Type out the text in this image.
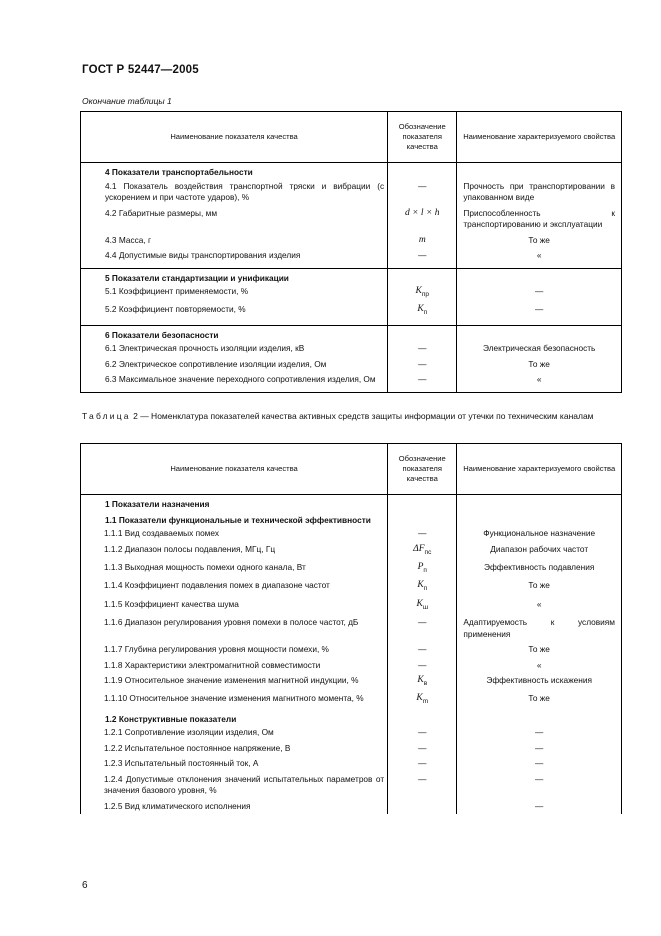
ГОСТ Р 52447—2005
Окончание таблицы 1
Наименование показателя качества	Обозначение показателя качества	Наименование характеризуемого свойства
4 Показатели транспортабельности		
4.1 Показатель воздействия транспортной тряски и вибрации (с ускорением и при частоте ударов), %	—	Прочность при транспортировании в упакованном виде
4.2 Габаритные размеры, мм	d × l × h	Приспособленность к транспортированию и эксплуатации
4.3 Масса, г	m	То же
4.4 Допустимые виды транспортирования изделия	—	«
5 Показатели стандартизации и унификации		
5.1 Коэффициент применяемости, %	$K_{пр}$	—
5.2 Коэффициент повторяемости, %	$K_п$	—
6 Показатели безопасности		
6.1 Электрическая прочность изоляции изделия, кВ	—	Электрическая безопасность
6.2 Электрическое сопротивление изоляции изделия, Ом	—	То же
6.3 Максимальное значение переходного сопротивления изделия, Ом	—	«
Таблица 2 — Номенклатура показателей качества активных средств защиты информации от утечки по техническим каналам
Наименование показателя качества	Обозначение показателя качества	Наименование характеризуемого свойства
1 Показатели назначения		
1.1 Показатели функциональные и технической эффективности		
1.1.1 Вид создаваемых помех	—	Функциональное назначение
1.1.2 Диапазон полосы подавления, МГц, Гц	$\Delta F_{пс}$	Диапазон рабочих частот
1.1.3 Выходная мощность помехи одного канала, Вт	$P_п$	Эффективность подавления
1.1.4 Коэффициент подавления помех в диапазоне частот	$K_п$	То же
1.1.5 Коэффициент качества шума	$K_ш$	«
1.1.6 Диапазон регулирования уровня помехи в полосе частот, дБ	—	Адаптируемость к условиям применения
1.1.7 Глубина регулирования уровня мощности помехи, %	—	То же
1.1.8 Характеристики электромагнитной совместимости	—	«
1.1.9 Относительное значение изменения магнитной индукции, %	$K_в$	Эффективность искажения
1.1.10 Относительное значение изменения магнитного момента, %	$K_m$	То же
1.2 Конструктивные показатели		
1.2.1 Сопротивление изоляции изделия, Ом	—	—
1.2.2 Испытательное постоянное напряжение, В	—	—
1.2.3 Испытательный постоянный ток, А	—	—
1.2.4 Допустимые отклонения значений испытательных параметров от значения базового уровня, %	—	—
1.2.5 Вид климатического исполнения		—
6
